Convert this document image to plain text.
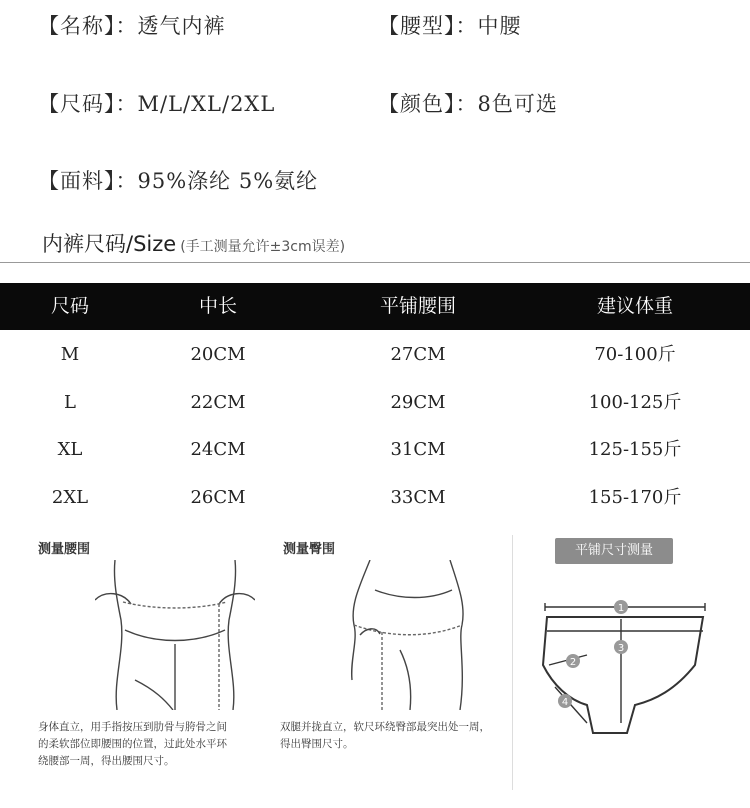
【名称】：透气内裤	【腰型】：中腰
【尺码】：M/L/XL/2XL	【颜色】：8色可选
【面料】：95%涤纶 5%氨纶
内裤尺码/Size (手工测量允许±3cm误差)
尺码	中长	平铺腰围	建议体重
M	20CM	27CM	70-100斤
L	22CM	29CM	100-125斤
XL	24CM	31CM	125-155斤
2XL	26CM	33CM	155-170斤
测量腰围
身体直立，用手指按压到肋骨与胯骨之间
的柔软部位即腰围的位置，过此处水平环
绕腰部一周，得出腰围尺寸。
测量臀围
双腿并拢直立，软尺环绕臀部最突出处一周，
得出臀围尺寸。
平铺尺寸测量
1
2
3
4
